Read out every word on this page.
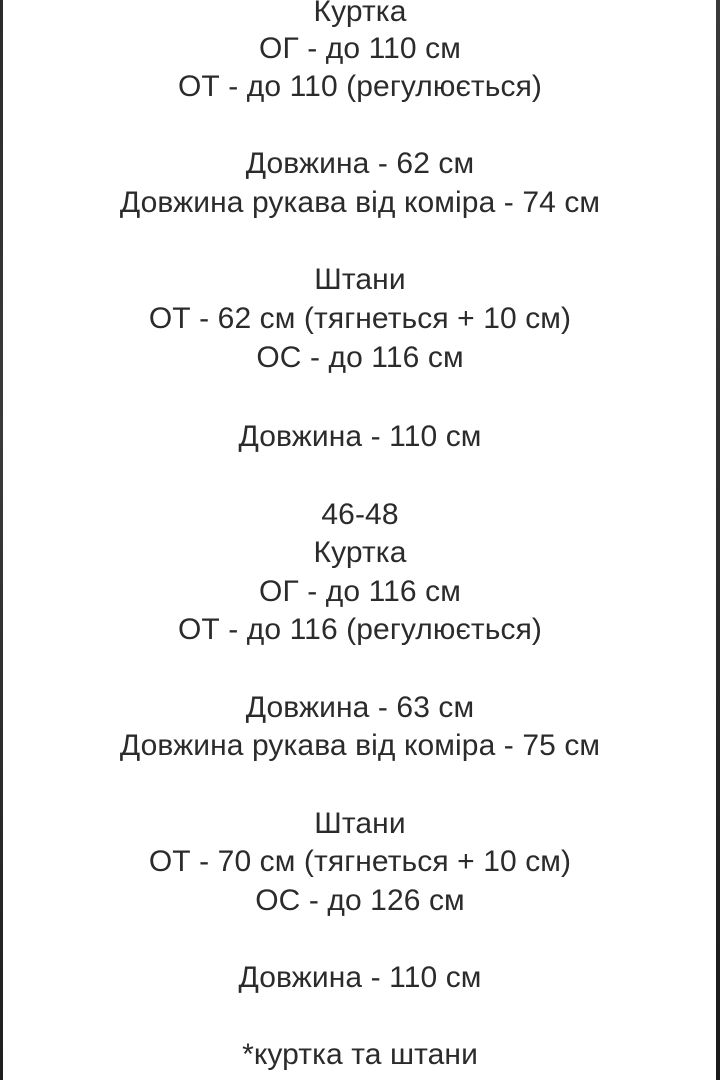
Куртка
ОГ - до 110 см
ОТ - до 110 (регулюється)
Довжина - 62 см
Довжина рукава від коміра - 74 см
Штани
ОТ - 62 см (тягнеться + 10 см)
ОС - до 116 см
Довжина - 110 см
46-48
Куртка
ОГ - до 116 см
ОТ - до 116 (регулюється)
Довжина - 63 см
Довжина рукава від коміра - 75 см
Штани
ОТ - 70 см (тягнеться + 10 см)
ОС - до 126 см
Довжина - 110 см
*куртка та штани
